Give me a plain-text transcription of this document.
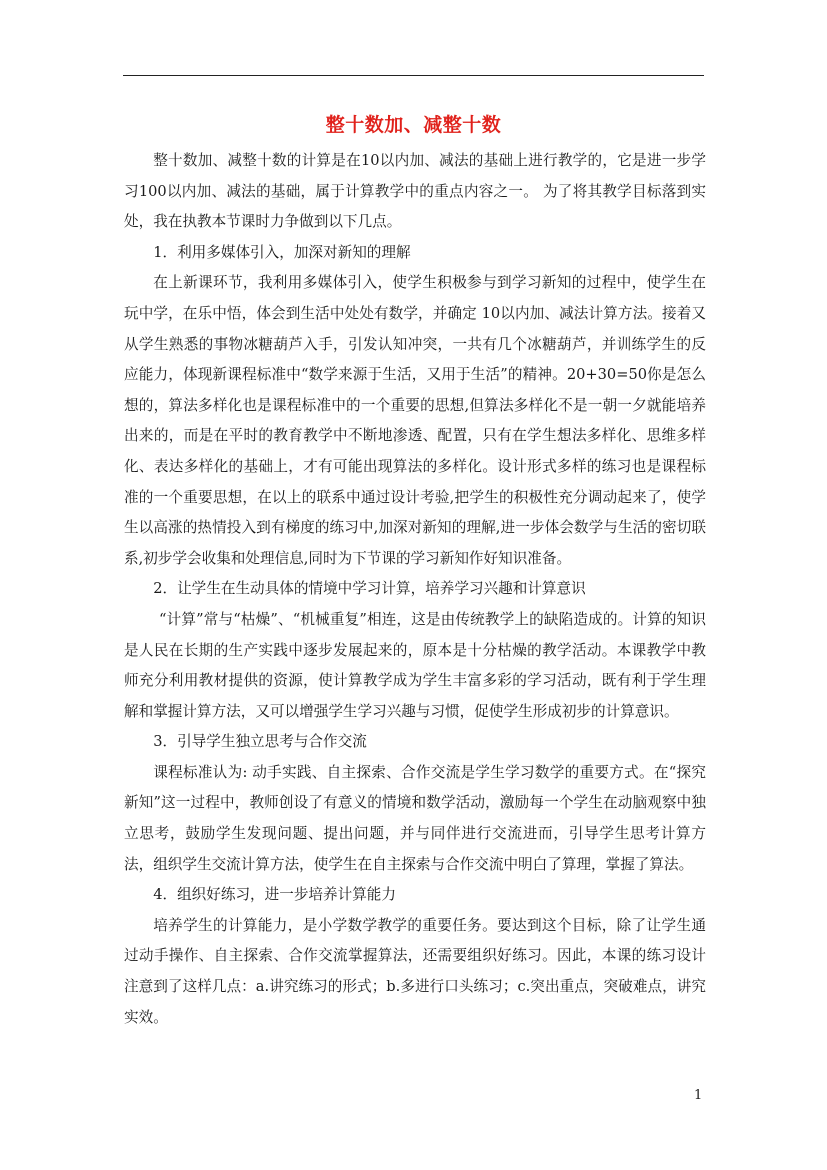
整十数加、减整十数

整十数加、减整十数的计算是在10以内加、减法的基础上进行教学的，它是进一步学习100以内加、减法的基础，属于计算教学中的重点内容之一。 为了将其教学目标落到实处，我在执教本节课时力争做到以下几点。

1．利用多媒体引入，加深对新知的理解

在上新课环节，我利用多媒体引入，使学生积极参与到学习新知的过程中，使学生在玩中学，在乐中悟，体会到生活中处处有数学，并确定 10以内加、减法计算方法。接着又从学生熟悉的事物冰糖葫芦入手，引发认知冲突，一共有几个冰糖葫芦，并训练学生的反应能力，体现新课程标准中“数学来源于生活，又用于生活”的精神。20+30=50你是怎么想的，算法多样化也是课程标准中的一个重要的思想,但算法多样化不是一朝一夕就能培养出来的，而是在平时的教育教学中不断地渗透、配置，只有在学生想法多样化、思维多样化、表达多样化的基础上，才有可能出现算法的多样化。设计形式多样的练习也是课程标准的一个重要思想，在以上的联系中通过设计考验,把学生的积极性充分调动起来了，使学生以高涨的热情投入到有梯度的练习中,加深对新知的理解,进一步体会数学与生活的密切联系,初步学会收集和处理信息,同时为下节课的学习新知作好知识准备。

2．让学生在生动具体的情境中学习计算，培养学习兴趣和计算意识

“计算”常与“枯燥”、“机械重复”相连，这是由传统教学上的缺陷造成的。计算的知识是人民在长期的生产实践中逐步发展起来的，原本是十分枯燥的教学活动。本课教学中教师充分利用教材提供的资源，使计算教学成为学生丰富多彩的学习活动，既有利于学生理解和掌握计算方法，又可以增强学生学习兴趣与习惯，促使学生形成初步的计算意识。

3．引导学生独立思考与合作交流

课程标准认为: 动手实践、自主探索、合作交流是学生学习数学的重要方式。在“探究新知”这一过程中，教师创设了有意义的情境和数学活动，激励每一个学生在动脑观察中独立思考，鼓励学生发现问题、提出问题，并与同伴进行交流进而，引导学生思考计算方法，组织学生交流计算方法，使学生在自主探索与合作交流中明白了算理，掌握了算法。

4．组织好练习，进一步培养计算能力

培养学生的计算能力，是小学数学教学的重要任务。要达到这个目标，除了让学生通过动手操作、自主探索、合作交流掌握算法，还需要组织好练习。因此，本课的练习设计注意到了这样几点：a.讲究练习的形式；b.多进行口头练习；c.突出重点，突破难点，讲究实效。

1
